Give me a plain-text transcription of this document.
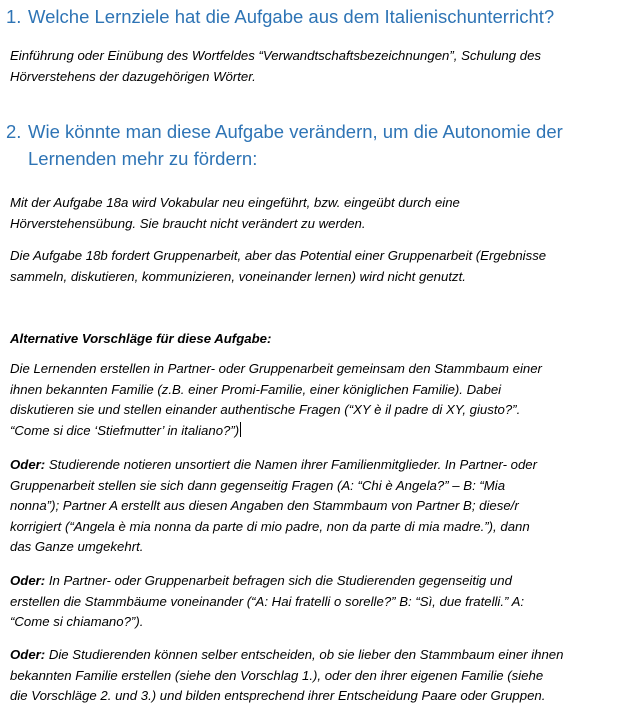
1. Welche Lernziele hat die Aufgabe aus dem Italienischunterricht?

Einführung oder Einübung des Wortfeldes “Verwandtschaftsbezeichnungen”, Schulung des
Hörverstehens der dazugehörigen Wörter.

2. Wie könnte man diese Aufgabe verändern, um die Autonomie der
Lernenden mehr zu fördern:

Mit der Aufgabe 18a wird Vokabular neu eingeführt, bzw. eingeübt durch eine
Hörverstehensübung. Sie braucht nicht verändert zu werden.

Die Aufgabe 18b fordert Gruppenarbeit, aber das Potential einer Gruppenarbeit (Ergebnisse
sammeln, diskutieren, kommunizieren, voneinander lernen) wird nicht genutzt.

Alternative Vorschläge für diese Aufgabe:

Die Lernenden erstellen in Partner- oder Gruppenarbeit gemeinsam den Stammbaum einer
ihnen bekannten Familie (z.B. einer Promi-Familie, einer königlichen Familie). Dabei
diskutieren sie und stellen einander authentische Fragen (“XY è il padre di XY, giusto?”.
“Come si dice ‘Stiefmutter’ in italiano?”)

Oder: Studierende notieren unsortiert die Namen ihrer Familienmitglieder. In Partner- oder
Gruppenarbeit stellen sie sich dann gegenseitig Fragen (A: “Chi è Angela?” – B: “Mia
nonna”); Partner A erstellt aus diesen Angaben den Stammbaum von Partner B; diese/r
korrigiert (“Angela è mia nonna da parte di mio padre, non da parte di mia madre.”), dann
das Ganze umgekehrt.

Oder: In Partner- oder Gruppenarbeit befragen sich die Studierenden gegenseitig und
erstellen die Stammbäume voneinander (“A: Hai fratelli o sorelle?” B: “Sì, due fratelli.” A:
“Come si chiamano?”).

Oder: Die Studierenden können selber entscheiden, ob sie lieber den Stammbaum einer ihnen
bekannten Familie erstellen (siehe den Vorschlag 1.), oder den ihrer eigenen Familie (siehe
die Vorschläge 2. und 3.) und bilden entsprechend ihrer Entscheidung Paare oder Gruppen.
